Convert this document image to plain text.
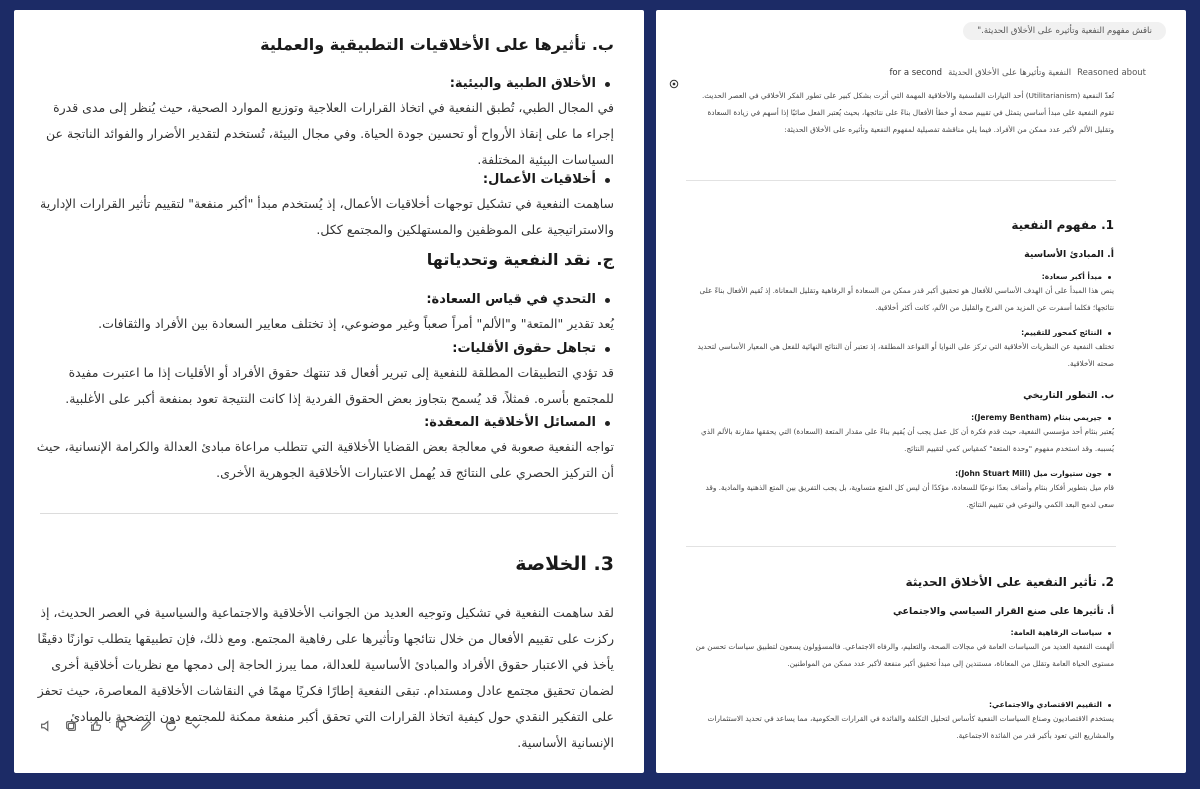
ب. تأثيرها على الأخلاقيات التطبيقية والعملية
الأخلاق الطبية والبيئية:
في المجال الطبي، تُطبق النفعية في اتخاذ القرارات العلاجية وتوزيع الموارد الصحية، حيث يُنظر إلى مدى قدرة إجراء ما على إنقاذ الأرواح أو تحسين جودة الحياة. وفي مجال البيئة، تُستخدم لتقدير الأضرار والفوائد الناتجة عن السياسات البيئية المختلفة.
أخلاقيات الأعمال:
ساهمت النفعية في تشكيل توجهات أخلاقيات الأعمال، إذ يُستخدم مبدأ "أكبر منفعة" لتقييم تأثير القرارات الإدارية والاستراتيجية على الموظفين والمستهلكين والمجتمع ككل.
ج. نقد النفعية وتحدياتها
التحدي في قياس السعادة:
يُعد تقدير "المتعة" و"الألم" أمراً صعباً وغير موضوعي، إذ تختلف معايير السعادة بين الأفراد والثقافات.
تجاهل حقوق الأقليات:
قد تؤدي التطبيقات المطلقة للنفعية إلى تبرير أفعال قد تنتهك حقوق الأفراد أو الأقليات إذا ما اعتبرت مفيدة للمجتمع بأسره. فمثلاً، قد يُسمح بتجاوز بعض الحقوق الفردية إذا كانت النتيجة تعود بمنفعة أكبر على الأغلبية.
المسائل الأخلاقية المعقدة:
تواجه النفعية صعوبة في معالجة بعض القضايا الأخلاقية التي تتطلب مراعاة مبادئ العدالة والكرامة الإنسانية، حيث أن التركيز الحصري على النتائج قد يُهمل الاعتبارات الأخلاقية الجوهرية الأخرى.
3. الخلاصة
لقد ساهمت النفعية في تشكيل وتوجيه العديد من الجوانب الأخلاقية والاجتماعية والسياسية في العصر الحديث، إذ ركزت على تقييم الأفعال من خلال نتائجها وتأثيرها على رفاهية المجتمع. ومع ذلك، فإن تطبيقها يتطلب توازنًا دقيقًا يأخذ في الاعتبار حقوق الأفراد والمبادئ الأساسية للعدالة، مما يبرز الحاجة إلى دمجها مع نظريات أخلاقية أخرى لضمان تحقيق مجتمع عادل ومستدام. تبقى النفعية إطارًا فكريًا مهمًا في النقاشات الأخلاقية المعاصرة، حيث تحفز على التفكير النقدي حول كيفية اتخاذ القرارات التي تحقق أكبر منفعة ممكنة للمجتمع دون التضحية بالمبادئ الإنسانية الأساسية.
ناقش مفهوم النفعية وتأثيره على الأخلاق الحديثة."
Reasoned about
النفعية وتأثيرها على الأخلاق الحديثة
for a second
تُعدّ النفعية (Utilitarianism) أحد التيارات الفلسفية والأخلاقية المهمة التي أثرت بشكل كبير على تطور الفكر الأخلاقي في العصر الحديث. تقوم النفعية على مبدأ أساسي يتمثل في تقييم صحة أو خطأ الأفعال بناءً على نتائجها، بحيث يُعتبر الفعل صائبًا إذا أسهم في زيادة السعادة وتقليل الألم لأكبر عدد ممكن من الأفراد. فيما يلي مناقشة تفصيلية لمفهوم النفعية وتأثيره على الأخلاق الحديثة:
1. مفهوم النفعية
أ. المبادئ الأساسية
مبدأ أكبر سعادة:
ينص هذا المبدأ على أن الهدف الأساسي للأفعال هو تحقيق أكبر قدر ممكن من السعادة أو الرفاهية وتقليل المعاناة. إذ تُقيم الأفعال بناءً على نتائجها؛ فكلما أسفرت عن المزيد من الفرح والقليل من الألم، كانت أكثر أخلاقية.
النتائج كمحور للتقييم:
تختلف النفعية عن النظريات الأخلاقية التي تركز على النوايا أو القواعد المطلقة، إذ تعتبر أن النتائج النهائية للفعل هي المعيار الأساسي لتحديد صحته الأخلاقية.
ب. التطور التاريخي
جيريمي بنثام (Jeremy Bentham):
يُعتبر بنثام أحد مؤسسي النفعية، حيث قدم فكرة أن كل عمل يجب أن يُقيم بناءً على مقدار المتعة (السعادة) التي يحققها مقارنة بالألم الذي يُسببه. وقد استخدم مفهوم "وحدة المتعة" كمقياس كمي لتقييم النتائج.
جون ستيوارت ميل (John Stuart Mill):
قام ميل بتطوير أفكار بنثام وأضاف بعدًا نوعيًا للسعادة، مؤكدًا أن ليس كل المتع متساوية، بل يجب التفريق بين المتع الذهنية والمادية. وقد سعى لدمج البعد الكمي والنوعي في تقييم النتائج.
2. تأثير النفعية على الأخلاق الحديثة
أ. تأثيرها على صنع القرار السياسي والاجتماعي
سياسات الرفاهية العامة:
ألهمت النفعية العديد من السياسات العامة في مجالات الصحة، والتعليم، والرفاه الاجتماعي. فالمسؤولون يسعون لتطبيق سياسات تحسن من مستوى الحياة العامة وتقلل من المعاناة، مستندين إلى مبدأ تحقيق أكبر منفعة لأكبر عدد ممكن من المواطنين.
التقييم الاقتصادي والاجتماعي:
يستخدم الاقتصاديون وصناع السياسات النفعية كأساس لتحليل التكلفة والفائدة في القرارات الحكومية، مما يساعد في تحديد الاستثمارات والمشاريع التي تعود بأكبر قدر من الفائدة الاجتماعية.
